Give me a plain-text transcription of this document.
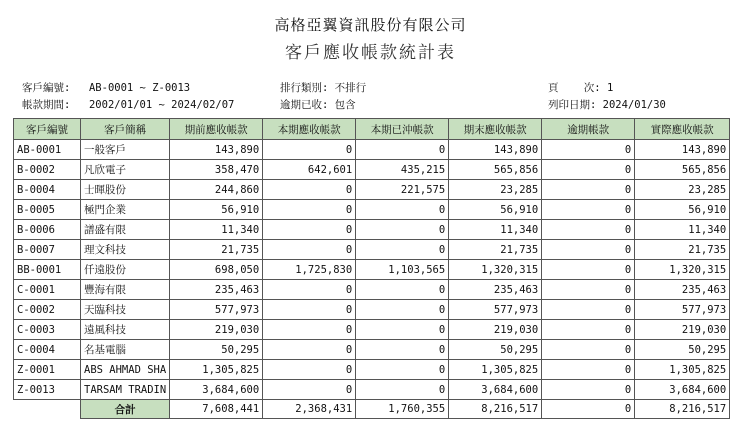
高格亞翼資訊股份有限公司
客戶應收帳款統計表
客戶編號: AB-0001 ~ Z-0013	排行類別: 不排行	頁    次: 1
帳款期間: 2002/01/01 ~ 2024/02/07	逾期已收: 包含	列印日期: 2024/01/30
客戶編號	客戶簡稱	期前應收帳款	本期應收帳款	本期已沖帳款	期末應收帳款	逾期帳款	實際應收帳款
AB-0001	一般客戶	143,890	0	0	143,890	0	143,890
B-0002	凡欣電子	358,470	642,601	435,215	565,856	0	565,856
B-0004	士暉股份	244,860	0	221,575	23,285	0	23,285
B-0005	極門企業	56,910	0	0	56,910	0	56,910
B-0006	譜盛有限	11,340	0	0	11,340	0	11,340
B-0007	理文科技	21,735	0	0	21,735	0	21,735
BB-0001	仟遠股份	698,050	1,725,830	1,103,565	1,320,315	0	1,320,315
C-0001	豐海有限	235,463	0	0	235,463	0	235,463
C-0002	天臨科技	577,973	0	0	577,973	0	577,973
C-0003	遠風科技	219,030	0	0	219,030	0	219,030
C-0004	名基電腦	50,295	0	0	50,295	0	50,295
Z-0001	ABS AHMAD SHA	1,305,825	0	0	1,305,825	0	1,305,825
Z-0013	TARSAM TRADIN	3,684,600	0	0	3,684,600	0	3,684,600
	合計	7,608,441	2,368,431	1,760,355	8,216,517	0	8,216,517
